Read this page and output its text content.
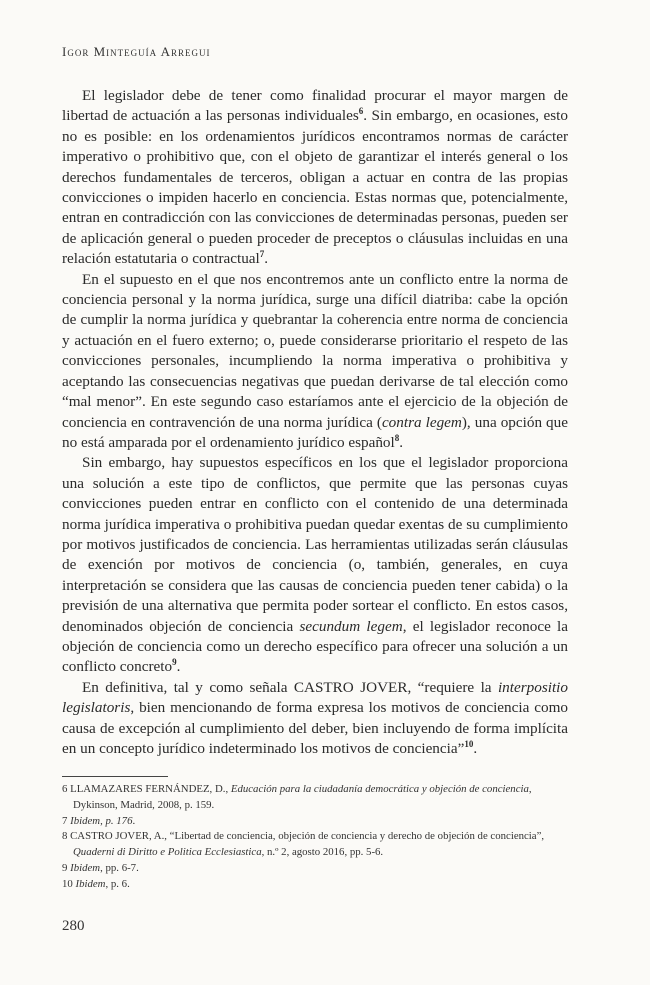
Igor Minteguía Arregui

El legislador debe de tener como finalidad procurar el mayor margen de libertad de actuación a las personas individuales$^6$. Sin embargo, en ocasiones, esto no es posible: en los ordenamientos jurídicos encontramos normas de carácter imperativo o prohibitivo que, con el objeto de garantizar el interés general o los derechos fundamentales de terceros, obligan a actuar en contra de las propias convicciones o impiden hacerlo en conciencia. Estas normas que, potencialmente, entran en contradicción con las convicciones de determinadas personas, pueden ser de aplicación general o pueden proceder de preceptos o cláusulas incluidas en una relación estatutaria o contractual$^7$.

En el supuesto en el que nos encontremos ante un conflicto entre la norma de conciencia personal y la norma jurídica, surge una difícil diatriba: cabe la opción de cumplir la norma jurídica y quebrantar la coherencia entre norma de conciencia y actuación en el fuero externo; o, puede considerarse prioritario el respeto de las convicciones personales, incumpliendo la norma imperativa o prohibitiva y aceptando las consecuencias negativas que puedan derivarse de tal elección como “mal menor”. En este segundo caso estaríamos ante el ejercicio de la objeción de conciencia en contravención de una norma jurídica (contra legem), una opción que no está amparada por el ordenamiento jurídico español$^8$.

Sin embargo, hay supuestos específicos en los que el legislador proporciona una solución a este tipo de conflictos, que permite que las personas cuyas convicciones pueden entrar en conflicto con el contenido de una determinada norma jurídica imperativa o prohibitiva puedan quedar exentas de su cumplimiento por motivos justificados de conciencia. Las herramientas utilizadas serán cláusulas de exención por motivos de conciencia (o, también, generales, en cuya interpretación se considera que las causas de conciencia pueden tener cabida) o la previsión de una alternativa que permita poder sortear el conflicto. En estos casos, denominados objeción de conciencia secundum legem, el legislador reconoce la objeción de conciencia como un derecho específico para ofrecer una solución a un conflicto concreto$^9$.

En definitiva, tal y como señala CASTRO JOVER, “requiere la interpositio legislatoris, bien mencionando de forma expresa los motivos de conciencia como causa de excepción al cumplimiento del deber, bien incluyendo de forma implícita en un concepto jurídico indeterminado los motivos de conciencia”$^{10}$.

6 LLAMAZARES FERNÁNDEZ, D., Educación para la ciudadanía democrática y objeción de conciencia, Dykinson, Madrid, 2008, p. 159.
7 Ibidem, p. 176.
8 CASTRO JOVER, A., “Libertad de conciencia, objeción de conciencia y derecho de objeción de conciencia”, Quaderni di Diritto e Politica Ecclesiastica, n.º 2, agosto 2016, pp. 5-6.
9 Ibidem, pp. 6-7.
10 Ibidem, p. 6.
280
